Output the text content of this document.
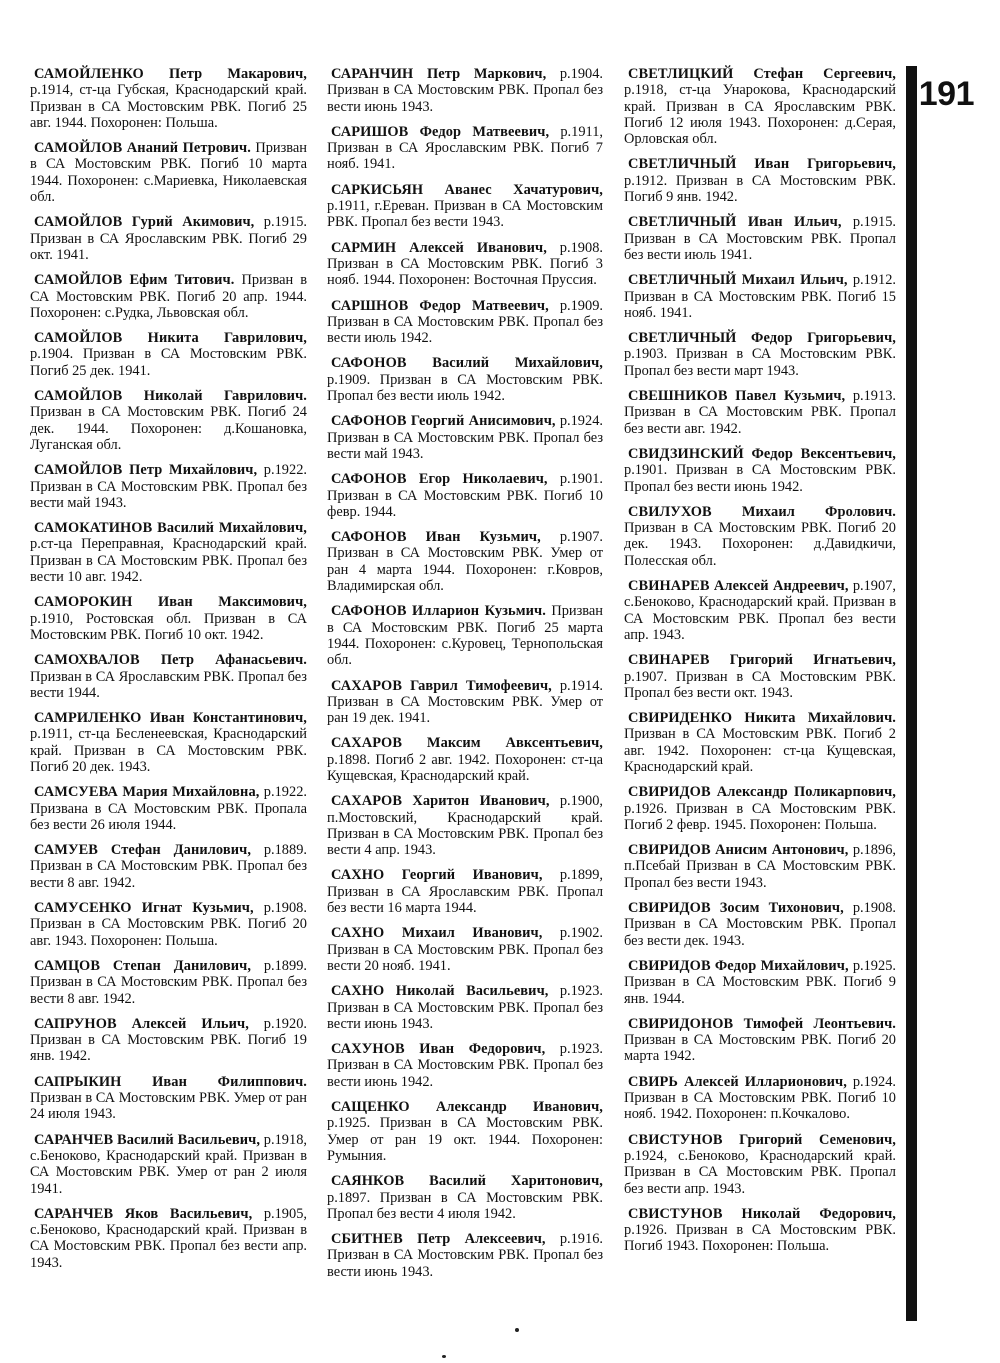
САМОЙЛЕНКО Петр Макарович, р.1914, ст-ца Губская, Краснодарский край. Призван в СА Мостовским РВК. Погиб 25 авг. 1944. Похоронен: Польша.

САМОЙЛОВ Ананий Петрович. Призван в СА Мостовским РВК. Погиб 10 марта 1944. Похоронен: с.Мариевка, Николаевская обл.

САМОЙЛОВ Гурий Акимович, р.1915. Призван в СА Ярославским РВК. Погиб 29 окт. 1941.

САМОЙЛОВ Ефим Титович. Призван в СА Мостовским РВК. Погиб 20 апр. 1944. Похоронен: с.Рудка, Львовская обл.

САМОЙЛОВ Никита Гаврилович, р.1904. Призван в СА Мостовским РВК. Погиб 25 дек. 1941.

САМОЙЛОВ Николай Гаврилович. Призван в СА Мостовским РВК. Погиб 24 дек. 1944. Похоронен: д.Кошановка, Луганская обл.

САМОЙЛОВ Петр Михайлович, р.1922. Призван в СА Мостовским РВК. Пропал без вести май 1943.

САМОКАТИНОВ Василий Михайлович, р.ст-ца Переправная, Краснодарский край. Призван в СА Мостовским РВК. Пропал без вести 10 авг. 1942.

САМОРОКИН Иван Максимович, р.1910, Ростовская обл. Призван в СА Мостовским РВК. Погиб 10 окт. 1942.

САМОХВАЛОВ Петр Афанасьевич. Призван в СА Ярославским РВК. Пропал без вести 1944.

САМРИЛЕНКО Иван Константинович, р.1911, ст-ца Бесленеевская, Краснодарский край. Призван в СА Мостовским РВК. Погиб 20 дек. 1943.

САМСУЕВА Мария Михайловна, р.1922. Призвана в СА Мостовским РВК. Пропала без вести 26 июля 1944.

САМУЕВ Стефан Данилович, р.1889. Призван в СА Мостовским РВК. Пропал без вести 8 авг. 1942.

САМУСЕНКО Игнат Кузьмич, р.1908. Призван в СА Мостовским РВК. Погиб 20 авг. 1943. Похоронен: Польша.

САМЦОВ Степан Данилович, р.1899. Призван в СА Мостовским РВК. Пропал без вести 8 авг. 1942.

САПРУНОВ Алексей Ильич, р.1920. Призван в СА Мостовским РВК. Погиб 19 янв. 1942.

САПРЫКИН Иван Филиппович. Призван в СА Мостовским РВК. Умер от ран 24 июля 1943.

САРАНЧЕВ Василий Васильевич, р.1918, с.Беноково, Краснодарский край. Призван в СА Мостовским РВК. Умер от ран 2 июля 1941.

САРАНЧЕВ Яков Васильевич, р.1905, с.Беноково, Краснодарский край. Призван в СА Мостовским РВК. Пропал без вести апр. 1943.

САРАНЧИН Петр Маркович, р.1904. Призван в СА Мостовским РВК. Пропал без вести июнь 1943.

САРИШОВ Федор Матвеевич, р.1911, Призван в СА Ярославским РВК. Погиб 7 нояб. 1941.

САРКИСЬЯН Аванес Хачатурович, р.1911, г.Ереван. Призван в СА Мостовским РВК. Пропал без вести 1943.

САРМИН Алексей Иванович, р.1908. Призван в СА Мостовским РВК. Погиб 3 нояб. 1944. Похоронен: Восточная Пруссия.

САРШНОВ Федор Матвеевич, р.1909. Призван в СА Мостовским РВК. Пропал без вести июль 1942.

САФОНОВ Василий Михайлович, р.1909. Призван в СА Мостовским РВК. Пропал без вести июль 1942.

САФОНОВ Георгий Анисимович, р.1924. Призван в СА Мостовским РВК. Пропал без вести май 1943.

САФОНОВ Егор Николаевич, р.1901. Призван в СА Мостовским РВК. Погиб 10 февр. 1944.

САФОНОВ Иван Кузьмич, р.1907. Призван в СА Мостовским РВК. Умер от ран 4 марта 1944. Похоронен: г.Ковров, Владимирская обл.

САФОНОВ Илларион Кузьмич. Призван в СА Мостовским РВК. Погиб 25 марта 1944. Похоронен: с.Куровец, Тернопольская обл.

САХАРОВ Гаврил Тимофеевич, р.1914. Призван в СА Мостовским РВК. Умер от ран 19 дек. 1941.

САХАРОВ Максим Авксентьевич, р.1898. Погиб 2 авг. 1942. Похоронен: ст-ца Кущевская, Краснодарский край.

САХАРОВ Харитон Иванович, р.1900, п.Мостовский, Краснодарский край. Призван в СА Мостовским РВК. Пропал без вести 4 апр. 1943.

САХНО Георгий Иванович, р.1899, Призван в СА Ярославским РВК. Пропал без вести 16 марта 1944.

САХНО Михаил Иванович, р.1902. Призван в СА Мостовским РВК. Пропал без вести 20 нояб. 1941.

САХНО Николай Васильевич, р.1923. Призван в СА Мостовским РВК. Пропал без вести июнь 1943.

САХУНОВ Иван Федорович, р.1923. Призван в СА Мостовским РВК. Пропал без вести июнь 1942.

САЩЕНКО Александр Иванович, р.1925. Призван в СА Мостовским РВК. Умер от ран 19 окт. 1944. Похоронен: Румыния.

САЯНКОВ Василий Харитонович, р.1897. Призван в СА Мостовским РВК. Пропал без вести 4 июля 1942.

СБИТНЕВ Петр Алексеевич, р.1916. Призван в СА Мостовским РВК. Пропал без вести июнь 1943.

СВЕТЛИЦКИЙ Стефан Сергеевич, р.1918, ст-ца Унарокова, Краснодарский край. Призван в СА Ярославским РВК. Погиб 12 июля 1943. Похоронен: д.Серая, Орловская обл.

СВЕТЛИЧНЫЙ Иван Григорьевич, р.1912. Призван в СА Мостовским РВК. Погиб 9 янв. 1942.

СВЕТЛИЧНЫЙ Иван Ильич, р.1915. Призван в СА Мостовским РВК. Пропал без вести июль 1941.

СВЕТЛИЧНЫЙ Михаил Ильич, р.1912. Призван в СА Мостовским РВК. Погиб 15 нояб. 1941.

СВЕТЛИЧНЫЙ Федор Григорьевич, р.1903. Призван в СА Мостовским РВК. Пропал без вести март 1943.

СВЕШНИКОВ Павел Кузьмич, р.1913. Призван в СА Мостовским РВК. Пропал без вести авг. 1942.

СВИДЗИНСКИЙ Федор Вексентьевич, р.1901. Призван в СА Мостовским РВК. Пропал без вести июнь 1942.

СВИЛУХОВ Михаил Фролович. Призван в СА Мостовским РВК. Погиб 20 дек. 1943. Похоронен: д.Давидкичи, Полесская обл.

СВИНАРЕВ Алексей Андреевич, р.1907, с.Беноково, Краснодарский край. Призван в СА Мостовским РВК. Пропал без вести апр. 1943.

СВИНАРЕВ Григорий Игнатьевич, р.1907. Призван в СА Мостовским РВК. Пропал без вести окт. 1943.

СВИРИДЕНКО Никита Михайлович. Призван в СА Мостовским РВК. Погиб 2 авг. 1942. Похоронен: ст-ца Кущевская, Краснодарский край.

СВИРИДОВ Александр Поликарпович, р.1926. Призван в СА Мостовским РВК. Погиб 2 февр. 1945. Похоронен: Польша.

СВИРИДОВ Анисим Антонович, р.1896, п.Псебай Призван в СА Мостовским РВК. Пропал без вести 1943.

СВИРИДОВ Зосим Тихонович, р.1908. Призван в СА Мостовским РВК. Пропал без вести дек. 1943.

СВИРИДОВ Федор Михайлович, р.1925. Призван в СА Мостовским РВК. Погиб 9 янв. 1944.

СВИРИДОНОВ Тимофей Леонтьевич. Призван в СА Мостовским РВК. Погиб 20 марта 1942.

СВИРЬ Алексей Илларионович, р.1924. Призван в СА Мостовским РВК. Погиб 10 нояб. 1942. Похоронен: п.Кочкалово.

СВИСТУНОВ Григорий Семенович, р.1924, с.Беноково, Краснодарский край. Призван в СА Мостовским РВК. Пропал без вести апр. 1943.

СВИСТУНОВ Николай Федорович, р.1926. Призван в СА Мостовским РВК. Погиб 1943. Похоронен: Польша.

191
